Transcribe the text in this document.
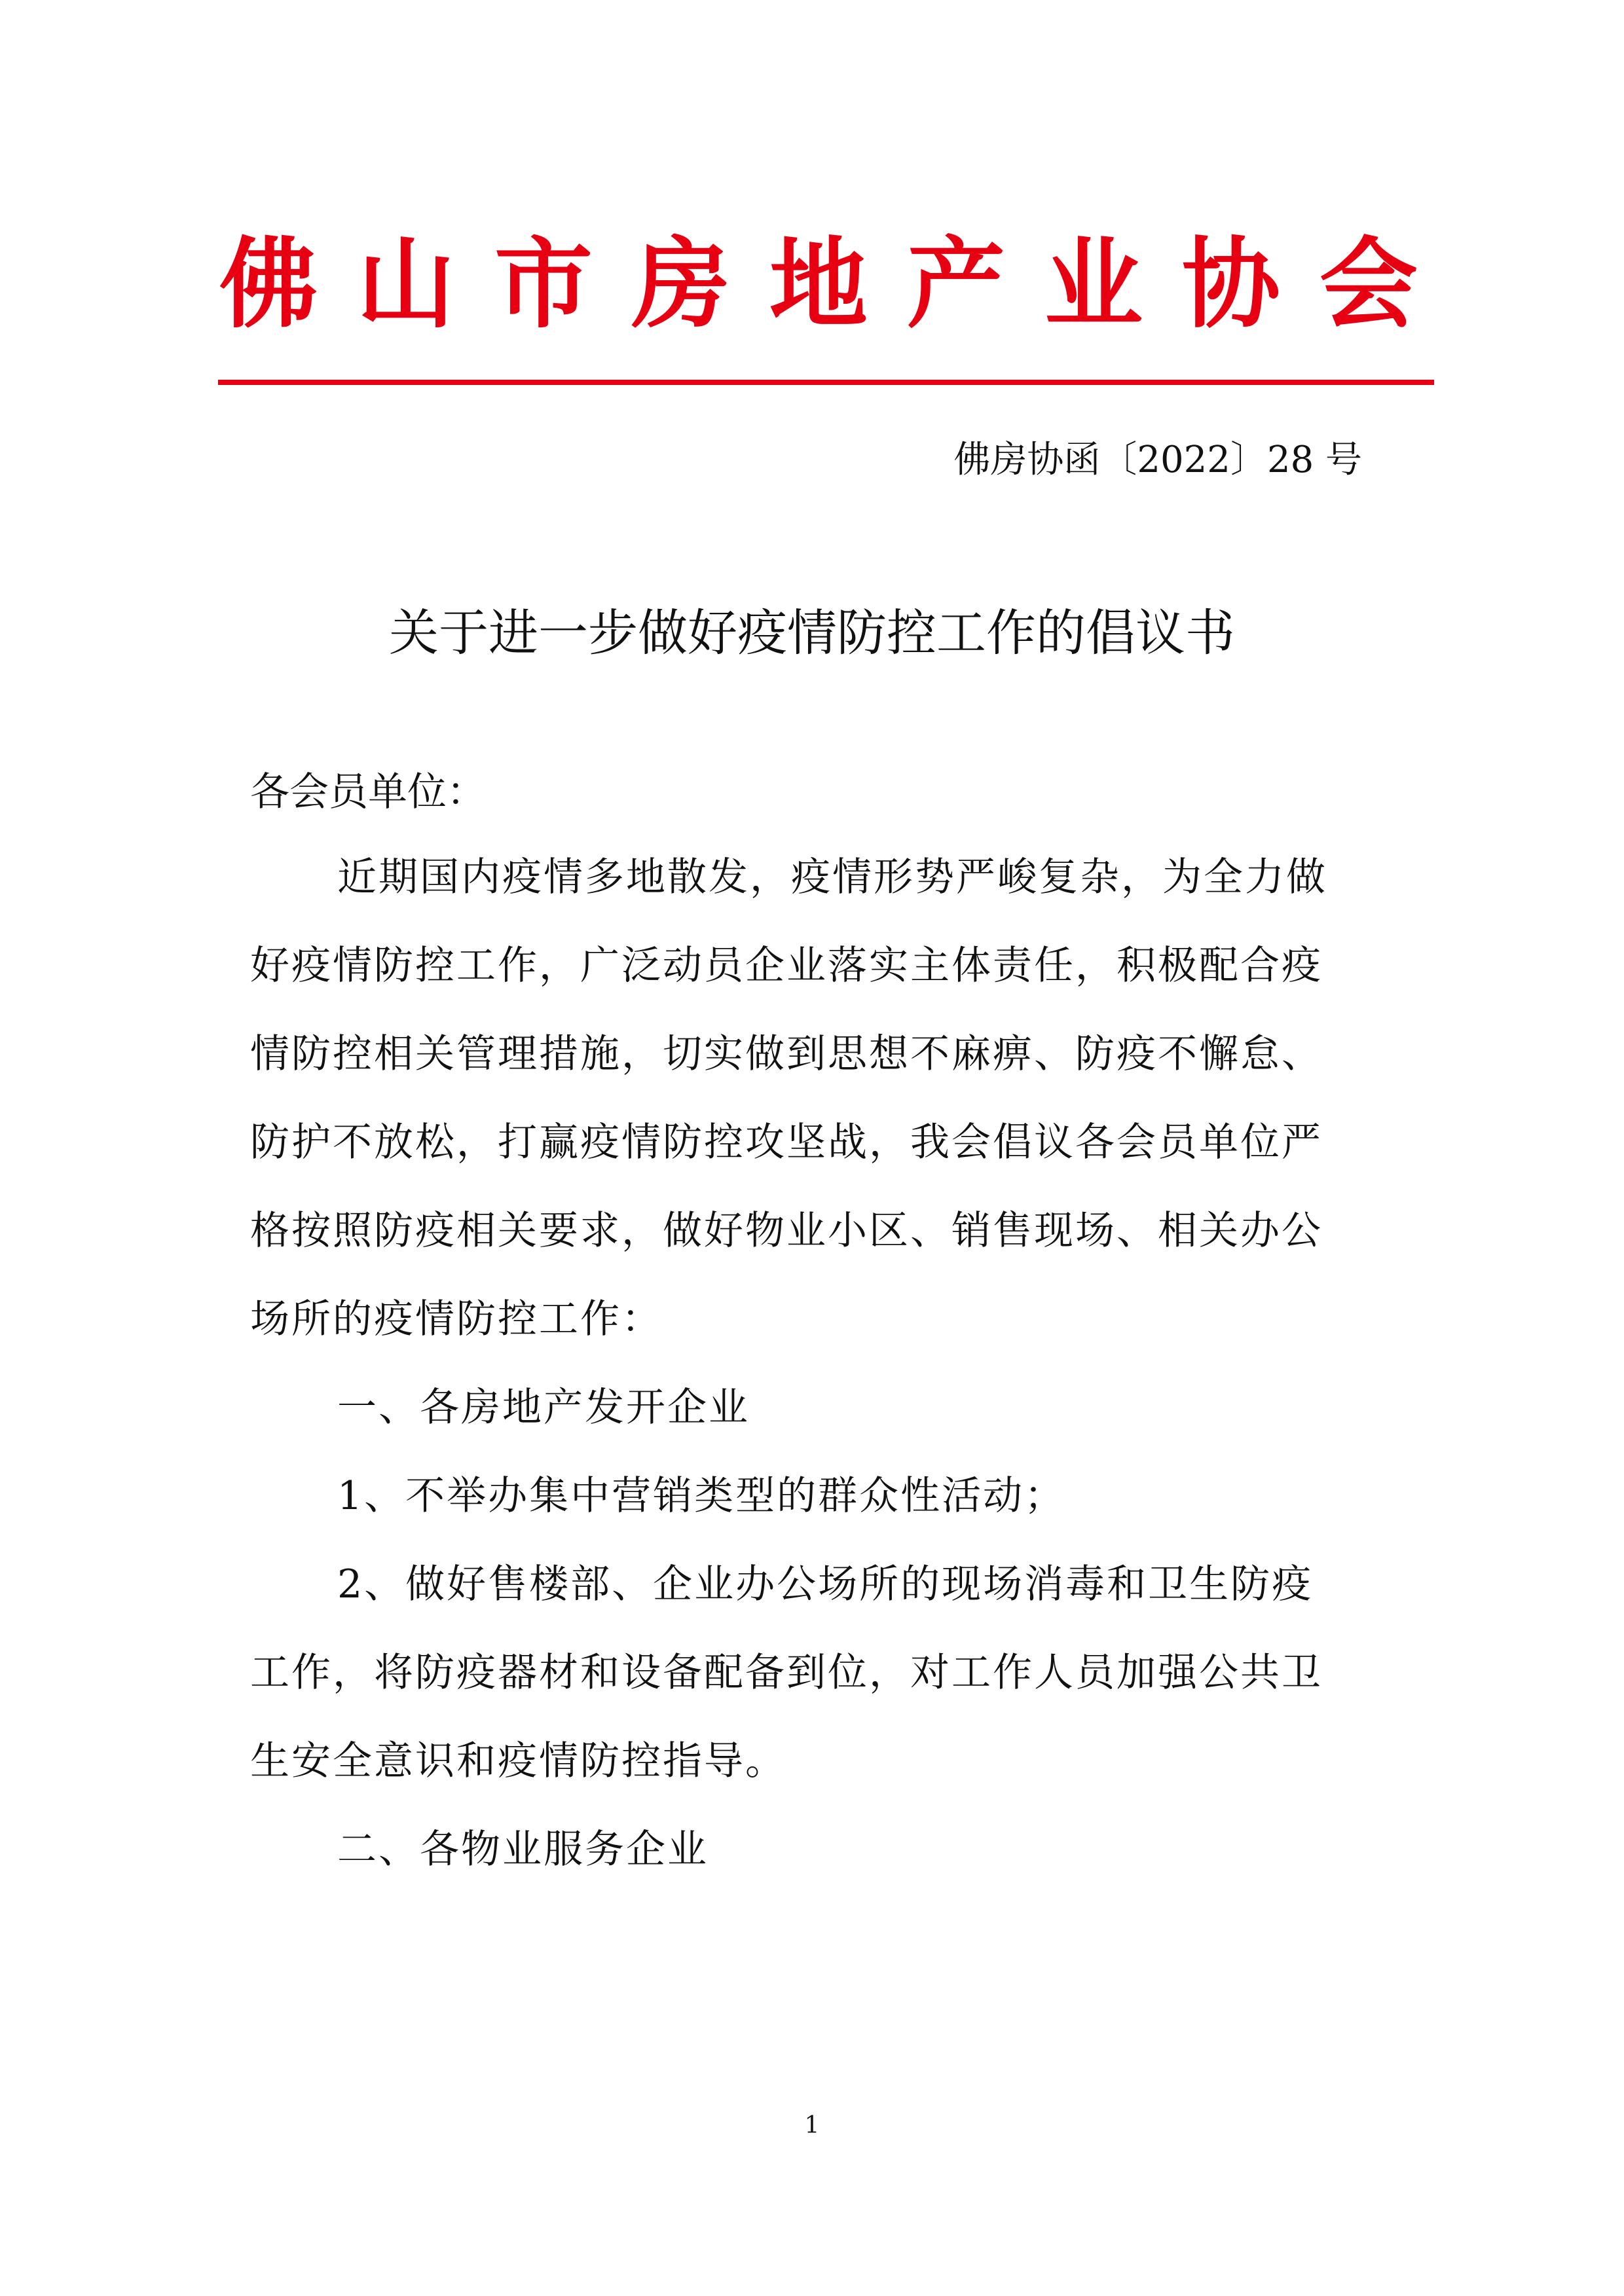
佛 山 市 房 地 产 业 协 会
佛房协函〔2022〕28 号
关于进一步做好疫情防控工作的倡议书

各会员单位：

近期国内疫情多地散发，疫情形势严峻复杂，为全力做

好疫情防控工作，广泛动员企业落实主体责任，积极配合疫

情防控相关管理措施，切实做到思想不麻痹、防疫不懈怠、

防护不放松，打赢疫情防控攻坚战，我会倡议各会员单位严

格按照防疫相关要求，做好物业小区、销售现场、相关办公

场所的疫情防控工作：

一、各房地产发开企业

1、不举办集中营销类型的群众性活动；

2、做好售楼部、企业办公场所的现场消毒和卫生防疫

工作，将防疫器材和设备配备到位，对工作人员加强公共卫

生安全意识和疫情防控指导。

二、各物业服务企业

1
